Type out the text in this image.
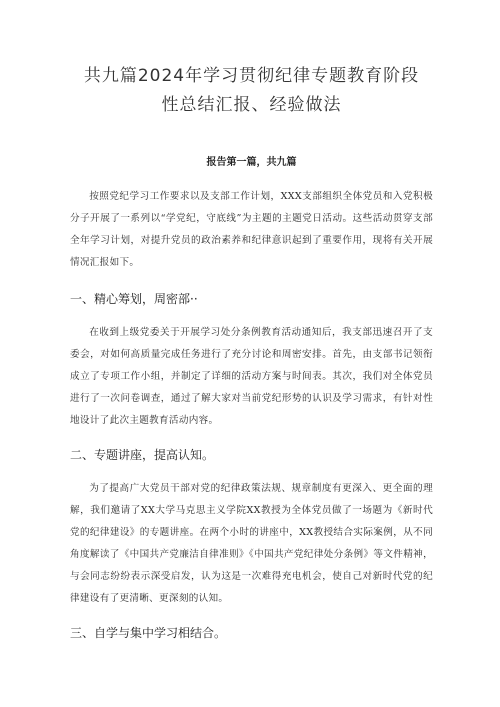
共九篇2024年学习贯彻纪律专题教育阶段
性总结汇报、经验做法
报告第一篇，共九篇

按照党纪学习工作要求以及支部工作计划，XXX支部组织全体党员和入党积极分子开展了一系列以“学党纪，守底线”为主题的主题党日活动。这些活动贯穿支部全年学习计划，对提升党员的政治素养和纪律意识起到了重要作用，现将有关开展情况汇报如下。

一、精心筹划，周密部··

在收到上级党委关于开展学习处分条例教育活动通知后，我支部迅速召开了支委会，对如何高质量完成任务进行了充分讨论和周密安排。首先，由支部书记领衔成立了专项工作小组，并制定了详细的活动方案与时间表。其次，我们对全体党员进行了一次问卷调查，通过了解大家对当前党纪形势的认识及学习需求，有针对性地设计了此次主题教育活动内容。

二、专题讲座，提高认知。

为了提高广大党员干部对党的纪律政策法规、规章制度有更深入、更全面的理解，我们邀请了XX大学马克思主义学院XX教授为全体党员做了一场题为《新时代党的纪律建设》的专题讲座。在两个小时的讲座中，XX教授结合实际案例，从不同角度解读了《中国共产党廉洁自律准则》《中国共产党纪律处分条例》等文件精神，与会同志纷纷表示深受启发，认为这是一次难得充电机会，使自己对新时代党的纪律建设有了更清晰、更深刻的认知。

三、自学与集中学习相结合。
